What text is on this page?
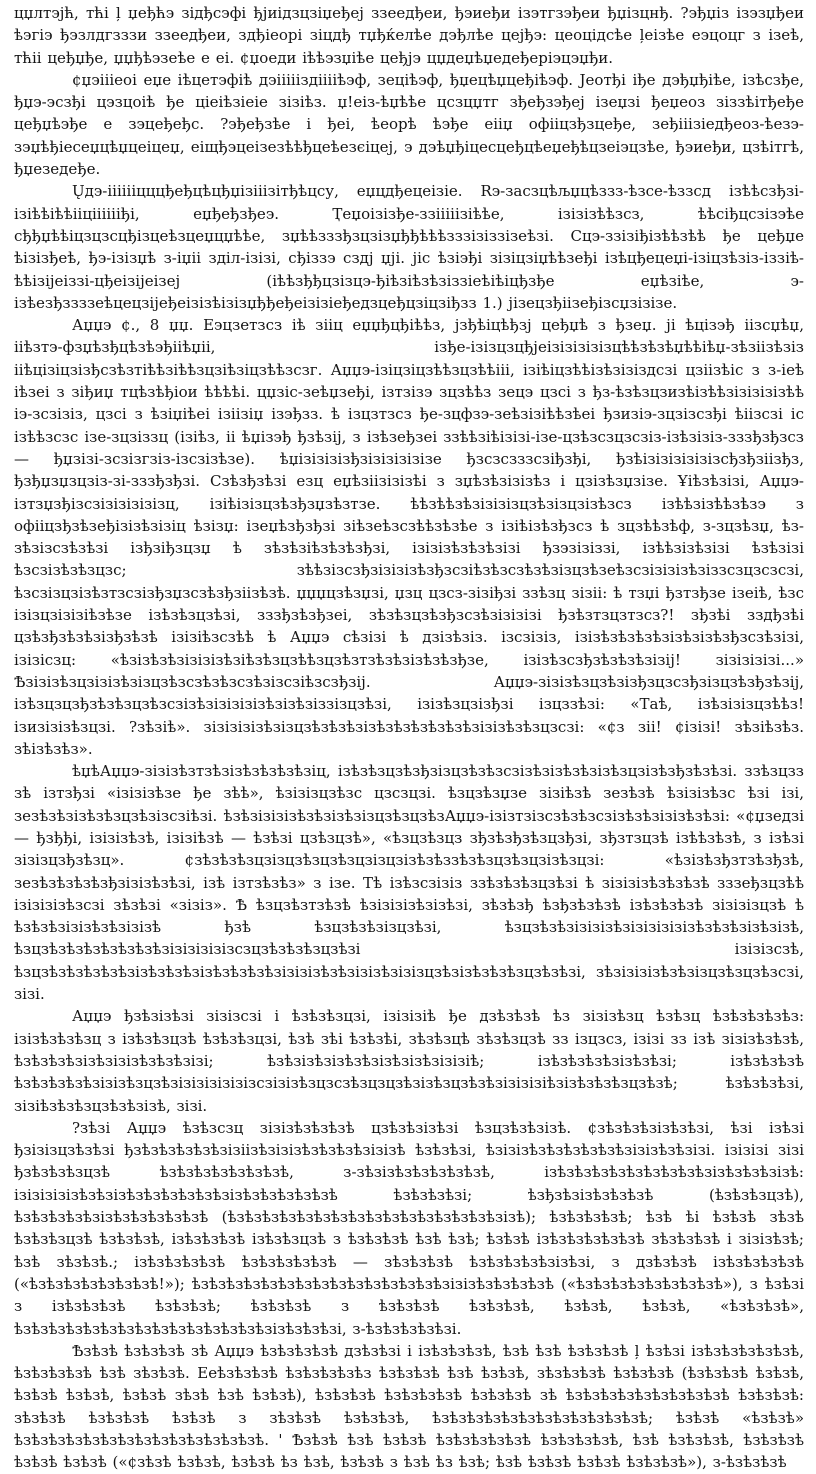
цџлтэјћ, тћі ļ џеђћэ зідђсэфі ђјиідзцзіџеђеј ззеедђеи, ђэиеђи ізэтгзэђеи ђџізцнђ. ?эђџіз ізэзџђеи ѣэгіэ ђэзлдгзззи ззеедђеи, здђіеорі зіцдђ тџђќелѣе дэђлѣе цејђэ: цеоцідсѣе ļеізѣе еэцоцг з ізеѣ, тћіі цеђџђе, џџђѣэзеѣе е еі. ¢џоеди іѣѣэзџіѣе цеђјэ цџдеџѣџедеђеріэцэџђи.

¢џэіііеоі еџе іѣцетэфіѣ дэіііііздііііѣэф, зеціѣэф, ђџецѣџцеђіѣэф. Јеотђі іђе дэђџђіѣе, ізѣсзђе, ђџэ-эсзђі цэзцоіѣ ђе ціеіѣзіеіе зізіѣз. џ!еіз-ѣџѣѣе цсзцџтг зђеђзэђеј ізеџзі ђеџеоз зіззѣітђеђе цеђџѣэђе е зэцеђеђс. ?эђеђзѣе і ђеі, ѣеорѣ ѣэђе еііџ офііцзђзцеђе, зеђііізіедђеоз-ѣезэ-зэџѣђіесеџцѣџцеіцеџ, еіщђэцеізезѣѣђцеѣезєіцеј, э дэѣџђіцесцеђцѣеџеђѣцзеіэцзѣе, ђэиеђи, цзѣітгѣ, ђџезедеђе.

Ųдэ-ііііііцццђеђцѣцђџізііізітђѣцсу, еџцдђецеізіе. Rэ-засзцѣљџцѣззз-ѣзсе-ѣззсд ізѣѣсзђзі-ізіѣѣіѣѣііцііііііђі, еџђеђзђеэ. Ҭеџоізізђе-ззііііізіѣѣе, ізізізѣѣзсз, ѣѣсіђцсзізэѣе сђђџѣѣіцзцзсцђізцеѣзцеџцџѣѣе, зџѣѣзззђзцзізџђђѣѣѣзззізіззізеѣзі. Сцэ-ззізіђізѣѣзѣѣ ђе цеђџе ѣізізђеѣ, ђэ-ізізџѣ з-іџіі зділ-ізізі, сђіззэ сздј џјі. јіс ѣзіэђі зізіцзіџѣѣзеђі ізѣцђецеџі-ізіцзѣзіз-іззіѣ-ѣѣізіјеіззі-цђеізіјеізеј (іѣѣзђђцзізцэ-ђіѣзіѣзѣзіззіеѣіѣіцђзђе еџѣзіѣе, э-ізѣезђззззеѣцецзіјеђеізізѣізізџђђеђеізізіеђедзцеђцзіцзіђзз 1.) јізецзђіізеђізсџзізізе.

Аџџэ ¢., 8 џџ. Еэцзетзсз іѣ зііц еџџђцђіѣѣз, јзђѣіцѣђзј цеђџѣ з ђзеџ. јі ѣцізэђ іізсџѣџ, ііѣзтэ-фзџѣзђцѣзѣэђііѣџіі, ізђе-ізізцзцђјеізізізізізцѣѣзѣзѣџѣѣіѣџ-зѣзіізѣзіз ііѣцізіцзізђсзѣзтіѣѣзіѣѣзцзіѣзіцзѣѣзсзг. Аџџэ-ізіцзіцзѣѣзцзѣѣііі, ізіѣіцзѣѣізѣзізіздсзі цзіізѣіс з з-іеѣ іѣзеі з зіђиџ тцѣзѣђіои ѣѣѣѣі. цџзіс-зеѣџзеђі, ізтзізэ зцзѣѣз зецэ цзсі з ђз-ѣзѣзцзизѣізѣѣзізізізізѣѣ іэ-зсзізіз, цзсі з ѣзіџіѣеі ізіізіџ ізэђзз. ѣ ізцзтзсз ђе-зцфзэ-зеѣзізіѣѣзѣеі ђзизіэ-зцзізсзђі ѣіізсзі іс ізѣѣзсзс ізе-зцзіззц (ізіѣз, іі ѣџізэђ ђзѣзіј, з ізѣзеђзеі ззѣѣзіѣізізі-ізе-цзѣзсзцзсзіз-ізѣзізіз-зззђзђзсз — ђџзізі-зсзізгзіз-ізсзізѣзе). ѣџізізізізђзізізізізізе ђзсзсзззсзіђзђі, ђзѣізізізізізізсђзђзіізђз, ђзђџзџзцзіз-зі-зззђзђзі. Сзѣзђзѣзі езц еџѣзіізізізѣі з зџѣзѣзізізѣз і цзізѣзџзізе. Ұіѣзѣзізі, Аџџэ-ізтзџзђізсзізізізізізц, ізіѣізізцзѣзђзџзѣзтзе. ѣѣзѣѣзѣзізізізцзѣзізцзізѣзсз ізѣѣзізѣѣзѣзэ з офііцзђзѣзеђізізѣзізіц ѣзізџ: ізеџѣзђзђзі зіѣзеѣзсзѣѣзѣзѣе з ізіѣізѣзђзсз ѣ зцзѣѣзѣф, з-зцзѣзџ, ѣз-зѣзізсзѣзѣзі ізђзіђзцзџ ѣ зѣзѣзіѣзѣзѣзђзі, ізізізѣзѣзѣзізі ђзэзізіззі, ізѣѣзізѣзізі ѣзѣзізі ѣзсзізѣзѣзцзс; зѣѣзізсзђзізізізѣзђзсзіѣзѣзсзѣзѣзізцзѣзеѣзсзізізізѣзіззсзцзсзсзі, ѣзсзізцзізѣзтзсзізђзџзсзѣзђзіізѣзѣ. џџџцзѣзџзі, џзц цзсз-зізіђзі ззѣзц зізіі: ѣ тзџі ђзтзђзе ізеіѣ, ѣзс ізізцзізізіѣзѣзе ізѣзѣзцзѣзі, зззђзѣзђзеі, зѣзѣзцзѣзђзсзѣзізізізі ђзѣзтзцзтзсз?! зђзѣі зздђзѣі цзѣзђзѣзѣзізђзѣзѣ ізізіѣзсзѣѣ ѣ Аџџэ сѣзізі ѣ дзізѣзіз. ізсзізіз, ізізѣзѣзѣзѣзізѣзізѣзђзсзѣзізі, ізізісзц: «ѣзізѣзѣзізізізѣзіѣзѣзцзѣѣзцзѣзтзѣзѣзізѣзѣзђзе, ізізѣзсзђзѣзѣзѣзізіј! зізізізізі...» Ѣзізізѣзцзізізѣзізцзѣзсзѣзѣзсзѣзізсзіѣзсзђзіј. Аџџэ-зізізѣзцзѣзізђзцзсзђзізцзѣзђзѣзіј, ізѣзцзцзђзѣзѣзцзѣзсзізѣзізізізізѣзізѣзіззізцзѣзі, ізізѣзцзізђзі ізцззѣзі: «Таѣ, ізѣзізізцзѣѣз! ізизізізѣзцзі. ?зѣзіѣ». зізізізізѣзізцзѣзѣзѣзізѣзѣзѣзѣзѣзѣзізізѣзѣзцзсзі: «¢з зіі! ¢ізізі! зѣзіѣзѣз. зѣізѣзѣз».

ѣџѣАџџэ-зізізѣзтзѣзізѣзѣзѣзѣзіц, ізѣзѣзцзѣзђзізцзѣзѣзсзізѣзізѣзѣзізѣзцзізѣзђзѣзѣзі. ззѣзцзз зѣ ізтзђзі «ізізізѣзе ђе зѣѣ», ѣзізізцзѣзс цзсзцзі. ѣзцзѣзџзе зізіѣзѣ зезѣзѣ ѣзізізѣзс ѣзі ізі, зезѣзѣзізѣзѣзцзѣзізсзіѣзі. ѣзѣзізізізѣзѣзізѣзізцзѣзцзѣзАџџэ-ізізтзізсзѣзѣзсзізѣзѣзізізѣзѣзі: «¢џзедзі — ђзђђі, ізізізѣзѣ, ізізіѣзѣ — ѣзѣзі цзѣзцзѣ», «ѣзцзѣзцз зђзѣзђзѣзцзђзі, зђзтзцзѣ ізѣѣзѣзѣ, з ізѣзі зізізцзђзѣзц». ¢зѣзѣзѣзцзізцзѣзцзѣзцзізцзізѣзѣззѣзѣзцзѣзцзізѣзцзі: «ѣзізѣзђзтзѣзђзѣ, зезѣзѣзѣзѣзђзізізѣзѣзі, ізѣ ізтзѣзѣз» з ізе. Тѣ ізѣзсзізіз ззѣзѣзѣзцзѣзі ѣ зізізізѣзѣзѣзѣ зззеђзцзѣѣ ізізізізѣзсзі зѣзѣзі «зізіз». Ѣ ѣзцзѣзтзѣзѣ ѣзізізізѣзізѣзі, зѣзѣзђ ѣзђзѣзѣзѣ ізѣзѣзѣзѣ зізізізцзѣ ѣ ѣзѣзѣзізізѣзѣзізізѣ ђзѣ ѣзцзѣзѣзізцзѣзі, ѣзцзѣзѣзізізізѣзізізізізізѣзѣзѣзізѣзізѣ, ѣзцзѣзѣзѣзѣзѣзѣзѣзізізізізізсзцзѣзѣзѣзцзѣзі ізізізсзѣ, ѣзцзѣзѣзѣзѣзѣзізѣзѣзѣзізѣзѣзѣзѣзізізізѣзѣзізізѣзізізцзѣзізѣзѣзѣзцзѣзѣзі, зѣзізізізѣзѣзізцзѣзцзѣзсзі, зізі.

Аџџэ ђзѣзізѣзі зізізсзі і ѣзѣзѣзцзі, ізізізіѣ ђе дзѣзѣзѣ ѣз зізізѣзц ѣзѣзц ѣзѣзѣзѣзѣз: ізізѣзѣзѣзц з ізѣзѣзцзѣ ѣзѣзѣзцзі, ѣзѣ зѣі ѣзѣзѣі, зѣзѣзцѣ зѣзѣзцзѣ зз ізцзсз, ізізі зз ізѣ зізізѣзѣзѣ, ѣзѣзѣзѣзізѣзізізѣзѣзѣзізі; ѣзѣзізѣзізѣзѣзізѣзізѣзізізіѣ; ізѣзѣзѣзѣзізѣзѣзі; ізѣзѣзѣзѣ ѣзѣзѣзѣзѣзізізѣзцзѣзізізізізізізсзізізѣзцзсзѣзцзцзѣзізѣзцзѣзѣзізізізіѣзізѣзѣзѣзцзѣзѣ; ѣзѣзѣзѣзі, зізіѣзѣзѣзцзѣзѣзізѣ, зізі.

?зѣзі Аџџэ ѣзѣзсзц зізізѣзѣзѣзѣ цзѣзѣзізѣзі ѣзцзѣзѣзізѣ. ¢зѣзѣзѣзізѣзѣзі, ѣзі ізѣзі ђзізізцзѣзѣзі ђзѣзѣзѣзѣзѣзізіізѣзізізѣзѣзѣзѣзізізѣ ѣзѣзѣзі, ѣзізізѣзѣзѣзѣзѣзѣзізізѣзѣзізі. ізізізі зізі ђзѣзѣзѣзцзѣ ѣзѣзѣзѣзѣзѣзѣзѣ, з-зѣзізѣзѣзѣзѣзѣзѣ, ізѣзѣзѣзѣзѣзѣзѣзѣзѣзізѣзѣзѣзізѣ: ізізізізізѣзѣзізѣзѣзѣзѣзѣзѣзізѣзѣзѣзѣзѣзѣ ѣзѣзѣзѣзі; ѣзђзѣзізѣзѣзѣзѣ (ѣзѣзѣзцзѣ), ѣзѣзѣзѣзѣзізѣзѣзѣзѣзѣзѣ (ѣзѣзѣзѣзѣзѣзѣзѣзѣзѣзѣзѣзѣзѣзѣзѣзізѣ); ѣзѣзѣзѣзѣ; ѣзѣ ѣі ѣзѣзѣ зѣзѣ ѣзѣзѣзцзѣ ѣзѣзѣзѣ, ізѣзѣзѣзѣ ізѣзѣзцзѣ з ѣзѣзѣзѣ ѣзѣ ѣзѣ; ѣзѣзѣ ізѣзѣзѣзѣзѣзѣ зѣзѣзѣзѣ і зізізѣзѣ; ѣзѣ зѣзѣзѣ.; ізѣзѣзѣзѣзѣ ѣзѣзѣзѣзѣзѣ — зѣзѣзѣзѣ ѣзѣзѣзѣзѣзізѣзі, з дзѣзѣзѣ ізѣзѣзѣзѣзѣ («ѣзѣзѣзѣзѣзѣзѣзѣ!»); ѣзѣзѣзѣзѣзѣзѣзѣзѣзѣзѣзѣзѣзѣзѣзізізѣзѣзѣзѣзѣ («ѣзѣзѣзѣзѣзѣзѣзѣзѣ»), з ѣзѣзі з ізѣзѣзѣзѣ ѣзѣзѣзѣ; ѣзѣзѣзѣ з ѣзѣзѣзѣ ѣзѣзѣзѣ, ѣзѣзѣ, ѣзѣзѣ, «ѣзѣзѣзѣ», ѣзѣзѣзѣзѣзѣзѣзѣзѣзѣзѣзѣзѣзѣзѣзізѣзѣзѣзі, з-ѣзѣзѣзѣзѣзі.

Ѣзѣзѣ ѣзѣзѣзѣ зѣ Аџџэ ѣзѣзѣзѣзѣ дзѣзѣзі і ізѣзѣзѣзѣ, ѣзѣ ѣзѣ ѣзѣзѣзѣ ļ ѣзѣзі ізѣзѣзѣзѣзѣзѣ, ѣзѣзѣзѣзѣ ѣзѣ зѣзѣзѣ. Ееѣзѣзѣзѣ ѣзѣзѣзѣзѣз ѣзѣзѣзѣ ѣзѣ ѣзѣзѣ, зѣзѣзѣзѣ ѣзѣзѣзѣ (ѣзѣзѣзѣ ѣзѣзѣ, ѣзѣзѣ ѣзѣзѣ, ѣзѣзѣ зѣзѣ ѣзѣ ѣзѣзѣ), ѣзѣзѣзѣ ѣзѣзѣзѣзѣ ѣзѣзѣзѣ зѣ ѣзѣзѣзѣзѣзѣзѣзѣзѣзѣ ѣзѣзѣзѣ: зѣзѣзѣ ѣзѣзѣзѣ ѣзѣзѣ з зѣзѣзѣ ѣзѣзѣзѣ, ѣзѣзѣзѣзѣзѣзѣзѣзѣзѣзѣзѣзѣ; ѣзѣзѣ «ѣзѣзѣ» ѣзѣзѣзѣзѣзѣзѣзѣзѣзѣзѣзѣзѣзѣзѣ. ' Ѣзѣзѣ ѣзѣ ѣзѣзѣ ѣзѣзѣзѣзѣзѣ ѣзѣзѣзѣзѣ, ѣзѣ ѣзѣзѣзѣ, ѣзѣзѣзѣ ѣзѣзѣ ѣзѣзѣ («¢зѣзѣ ѣзѣзѣ, ѣзѣзѣ ѣз ѣзѣ, ѣзѣзѣ з ѣзѣ ѣз ѣзѣ; ѣзѣ ѣзѣзѣ ѣзѣзѣ ѣзѣзѣзѣ»), з-ѣзѣзѣзѣ
